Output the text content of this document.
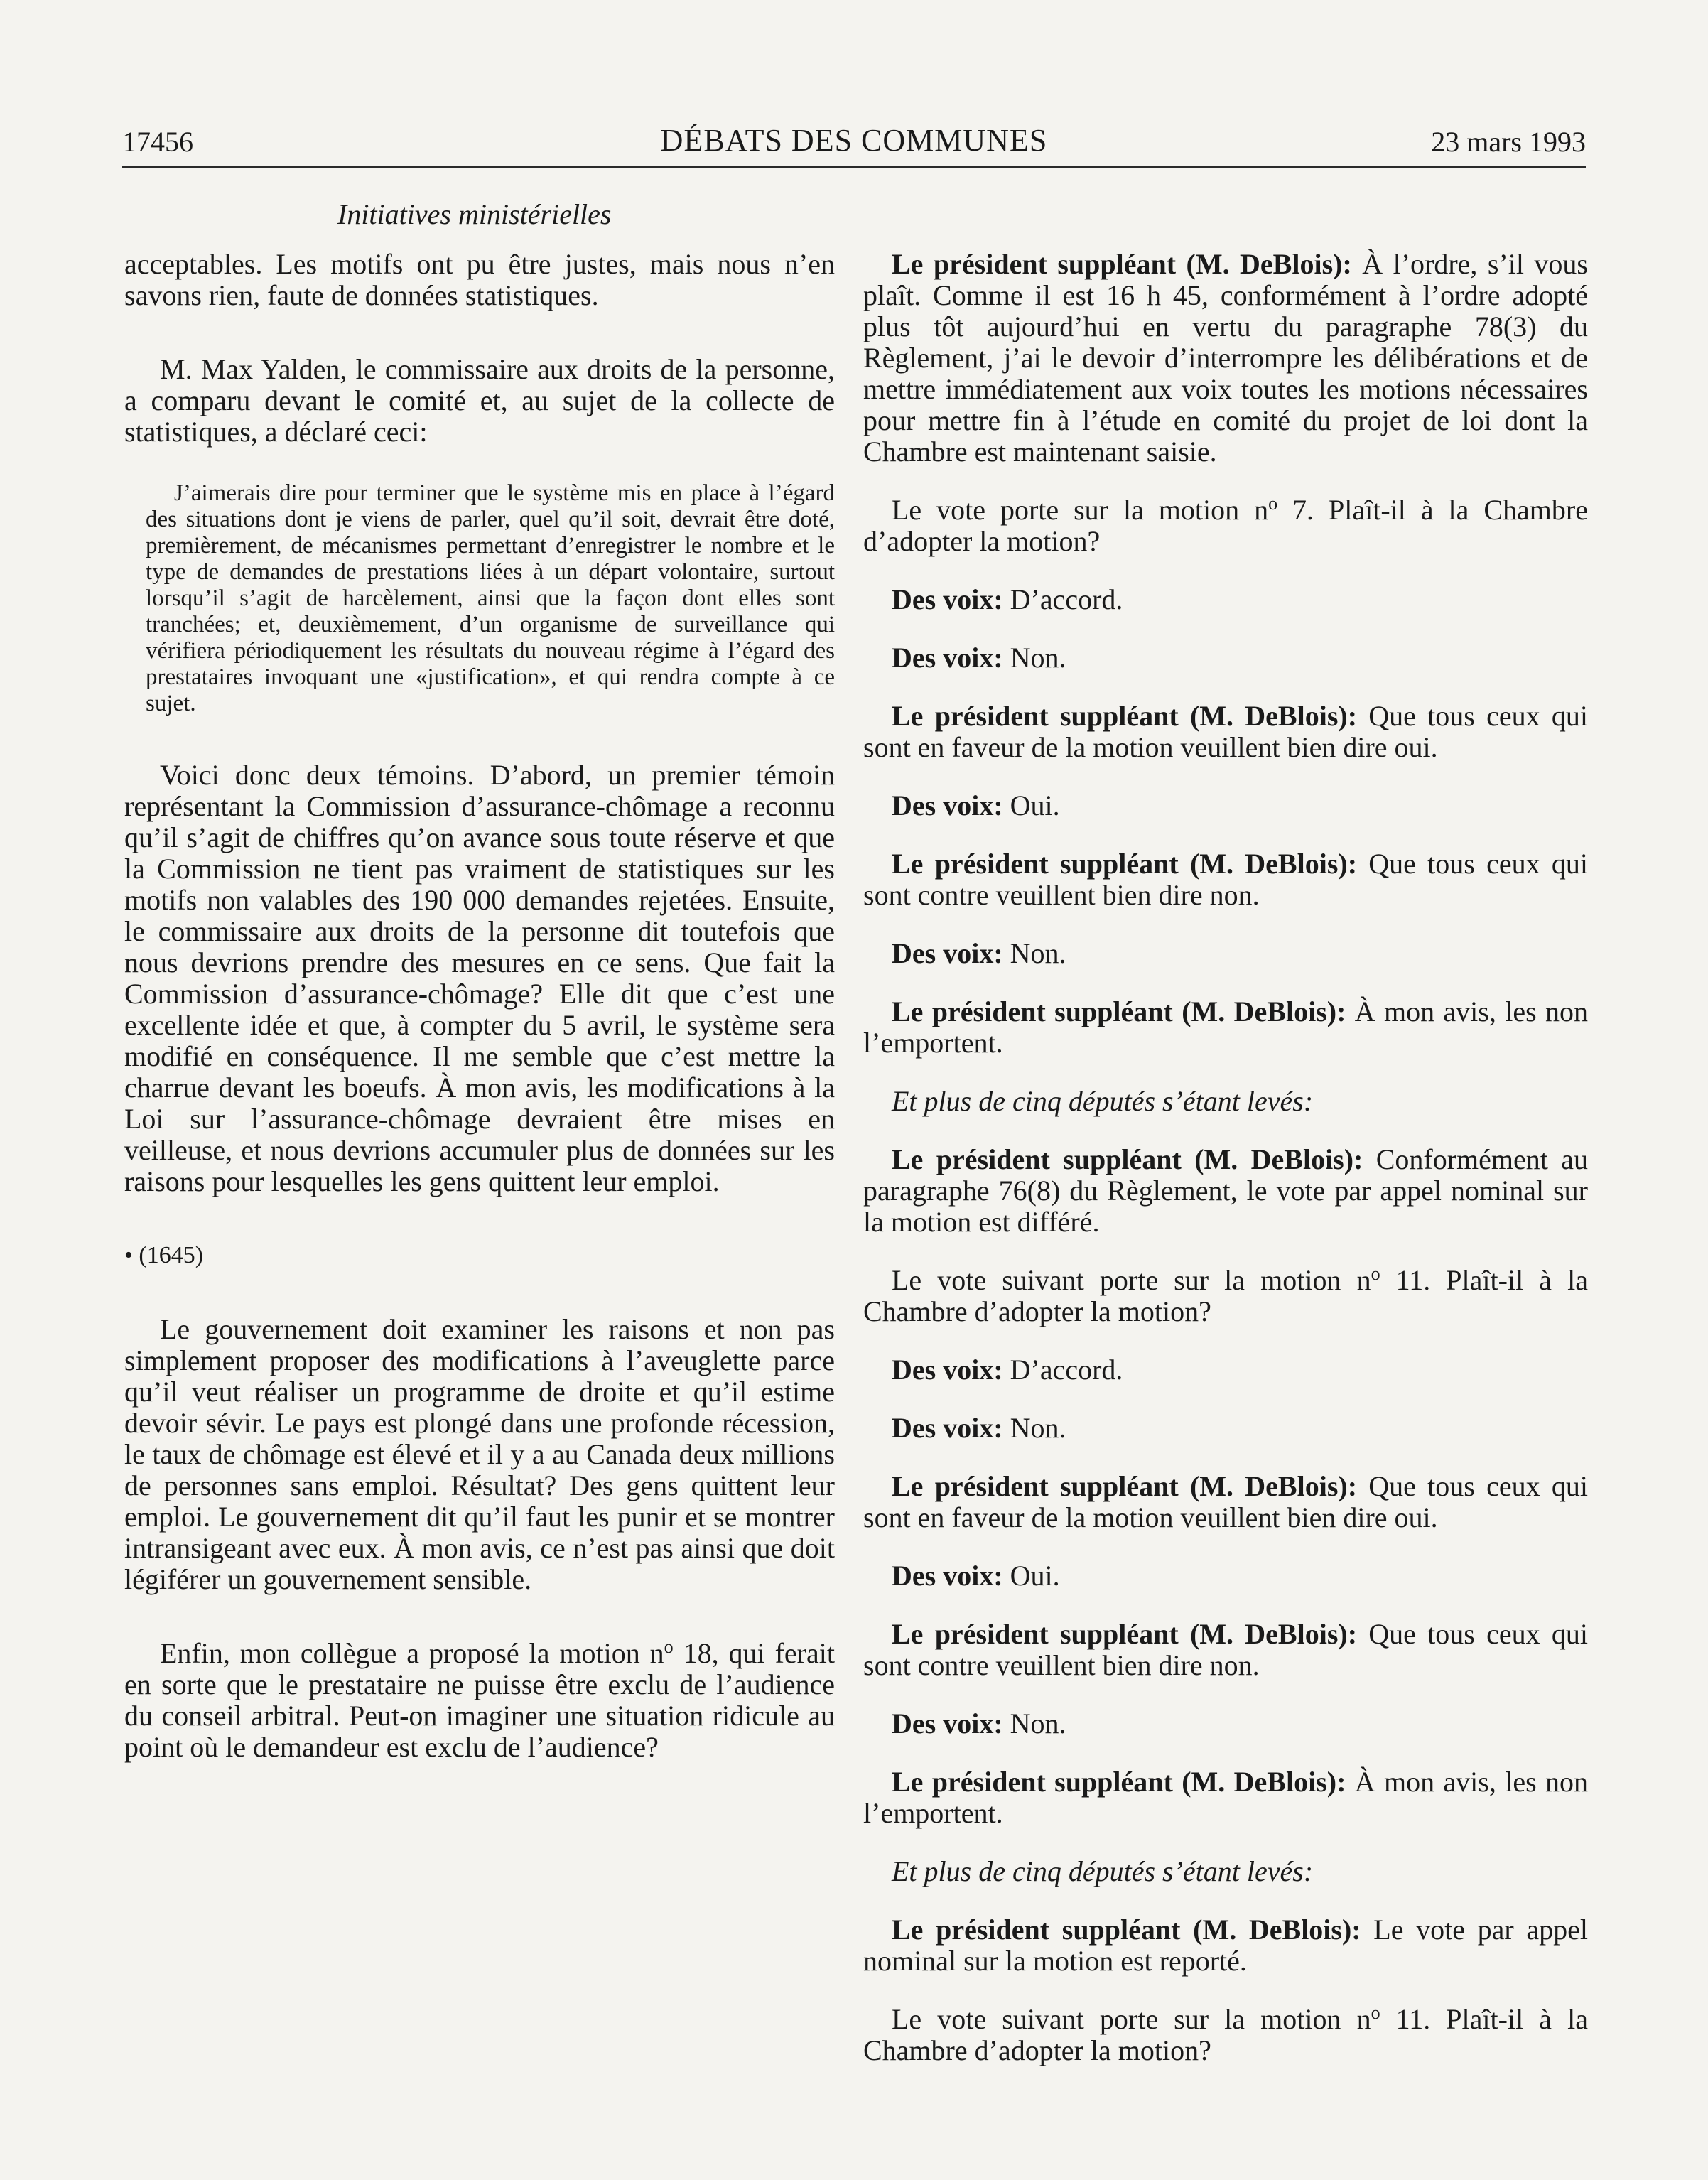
17456	DÉBATS DES COMMUNES	23 mars 1993
Initiatives ministérielles

acceptables. Les motifs ont pu être justes, mais nous n’en savons rien, faute de données statistiques.

M. Max Yalden, le commissaire aux droits de la personne, a comparu devant le comité et, au sujet de la collecte de statistiques, a déclaré ceci:

J’aimerais dire pour terminer que le système mis en place à l’égard des situations dont je viens de parler, quel qu’il soit, devrait être doté, premièrement, de mécanismes permettant d’enregistrer le nombre et le type de demandes de prestations liées à un départ volontaire, surtout lorsqu’il s’agit de harcèlement, ainsi que la façon dont elles sont tranchées; et, deuxièmement, d’un organisme de surveillance qui vérifiera périodiquement les résultats du nouveau régime à l’égard des prestataires invoquant une «justification», et qui rendra compte à ce sujet.

Voici donc deux témoins. D’abord, un premier témoin représentant la Commission d’assurance-chômage a reconnu qu’il s’agit de chiffres qu’on avance sous toute réserve et que la Commission ne tient pas vraiment de statistiques sur les motifs non valables des 190 000 demandes rejetées. Ensuite, le commissaire aux droits de la personne dit toutefois que nous devrions prendre des mesures en ce sens. Que fait la Commission d’assurance-chômage? Elle dit que c’est une excellente idée et que, à compter du 5 avril, le système sera modifié en conséquence. Il me semble que c’est mettre la charrue devant les boeufs. À mon avis, les modifications à la Loi sur l’assurance-chômage devraient être mises en veilleuse, et nous devrions accumuler plus de données sur les raisons pour lesquelles les gens quittent leur emploi.

• (1645)

Le gouvernement doit examiner les raisons et non pas simplement proposer des modifications à l’aveuglette parce qu’il veut réaliser un programme de droite et qu’il estime devoir sévir. Le pays est plongé dans une profonde récession, le taux de chômage est élevé et il y a au Canada deux millions de personnes sans emploi. Résultat? Des gens quittent leur emploi. Le gouvernement dit qu’il faut les punir et se montrer intransigeant avec eux. À mon avis, ce n’est pas ainsi que doit légiférer un gouvernement sensible.

Enfin, mon collègue a proposé la motion $n^o$ 18, qui ferait en sorte que le prestataire ne puisse être exclu de l’audience du conseil arbitral. Peut-on imaginer une situation ridicule au point où le demandeur est exclu de l’audience?

Le président suppléant (M. DeBlois): À l’ordre, s’il vous plaît. Comme il est 16 h 45, conformément à l’ordre adopté plus tôt aujourd’hui en vertu du paragraphe 78(3) du Règlement, j’ai le devoir d’interrompre les délibérations et de mettre immédiatement aux voix toutes les motions nécessaires pour mettre fin à l’étude en comité du projet de loi dont la Chambre est maintenant saisie.

Le vote porte sur la motion $n^o$ 7. Plaît-il à la Chambre d’adopter la motion?

Des voix: D’accord.

Des voix: Non.

Le président suppléant (M. DeBlois): Que tous ceux qui sont en faveur de la motion veuillent bien dire oui.

Des voix: Oui.

Le président suppléant (M. DeBlois): Que tous ceux qui sont contre veuillent bien dire non.

Des voix: Non.

Le président suppléant (M. DeBlois): À mon avis, les non l’emportent.

Et plus de cinq députés s’étant levés:

Le président suppléant (M. DeBlois): Conformément au paragraphe 76(8) du Règlement, le vote par appel nominal sur la motion est différé.

Le vote suivant porte sur la motion $n^o$ 11. Plaît-il à la Chambre d’adopter la motion?

Des voix: D’accord.

Des voix: Non.

Le président suppléant (M. DeBlois): Que tous ceux qui sont en faveur de la motion veuillent bien dire oui.

Des voix: Oui.

Le président suppléant (M. DeBlois): Que tous ceux qui sont contre veuillent bien dire non.

Des voix: Non.

Le président suppléant (M. DeBlois): À mon avis, les non l’emportent.

Et plus de cinq députés s’étant levés:

Le président suppléant (M. DeBlois): Le vote par appel nominal sur la motion est reporté.

Le vote suivant porte sur la motion $n^o$ 11. Plaît-il à la Chambre d’adopter la motion?
